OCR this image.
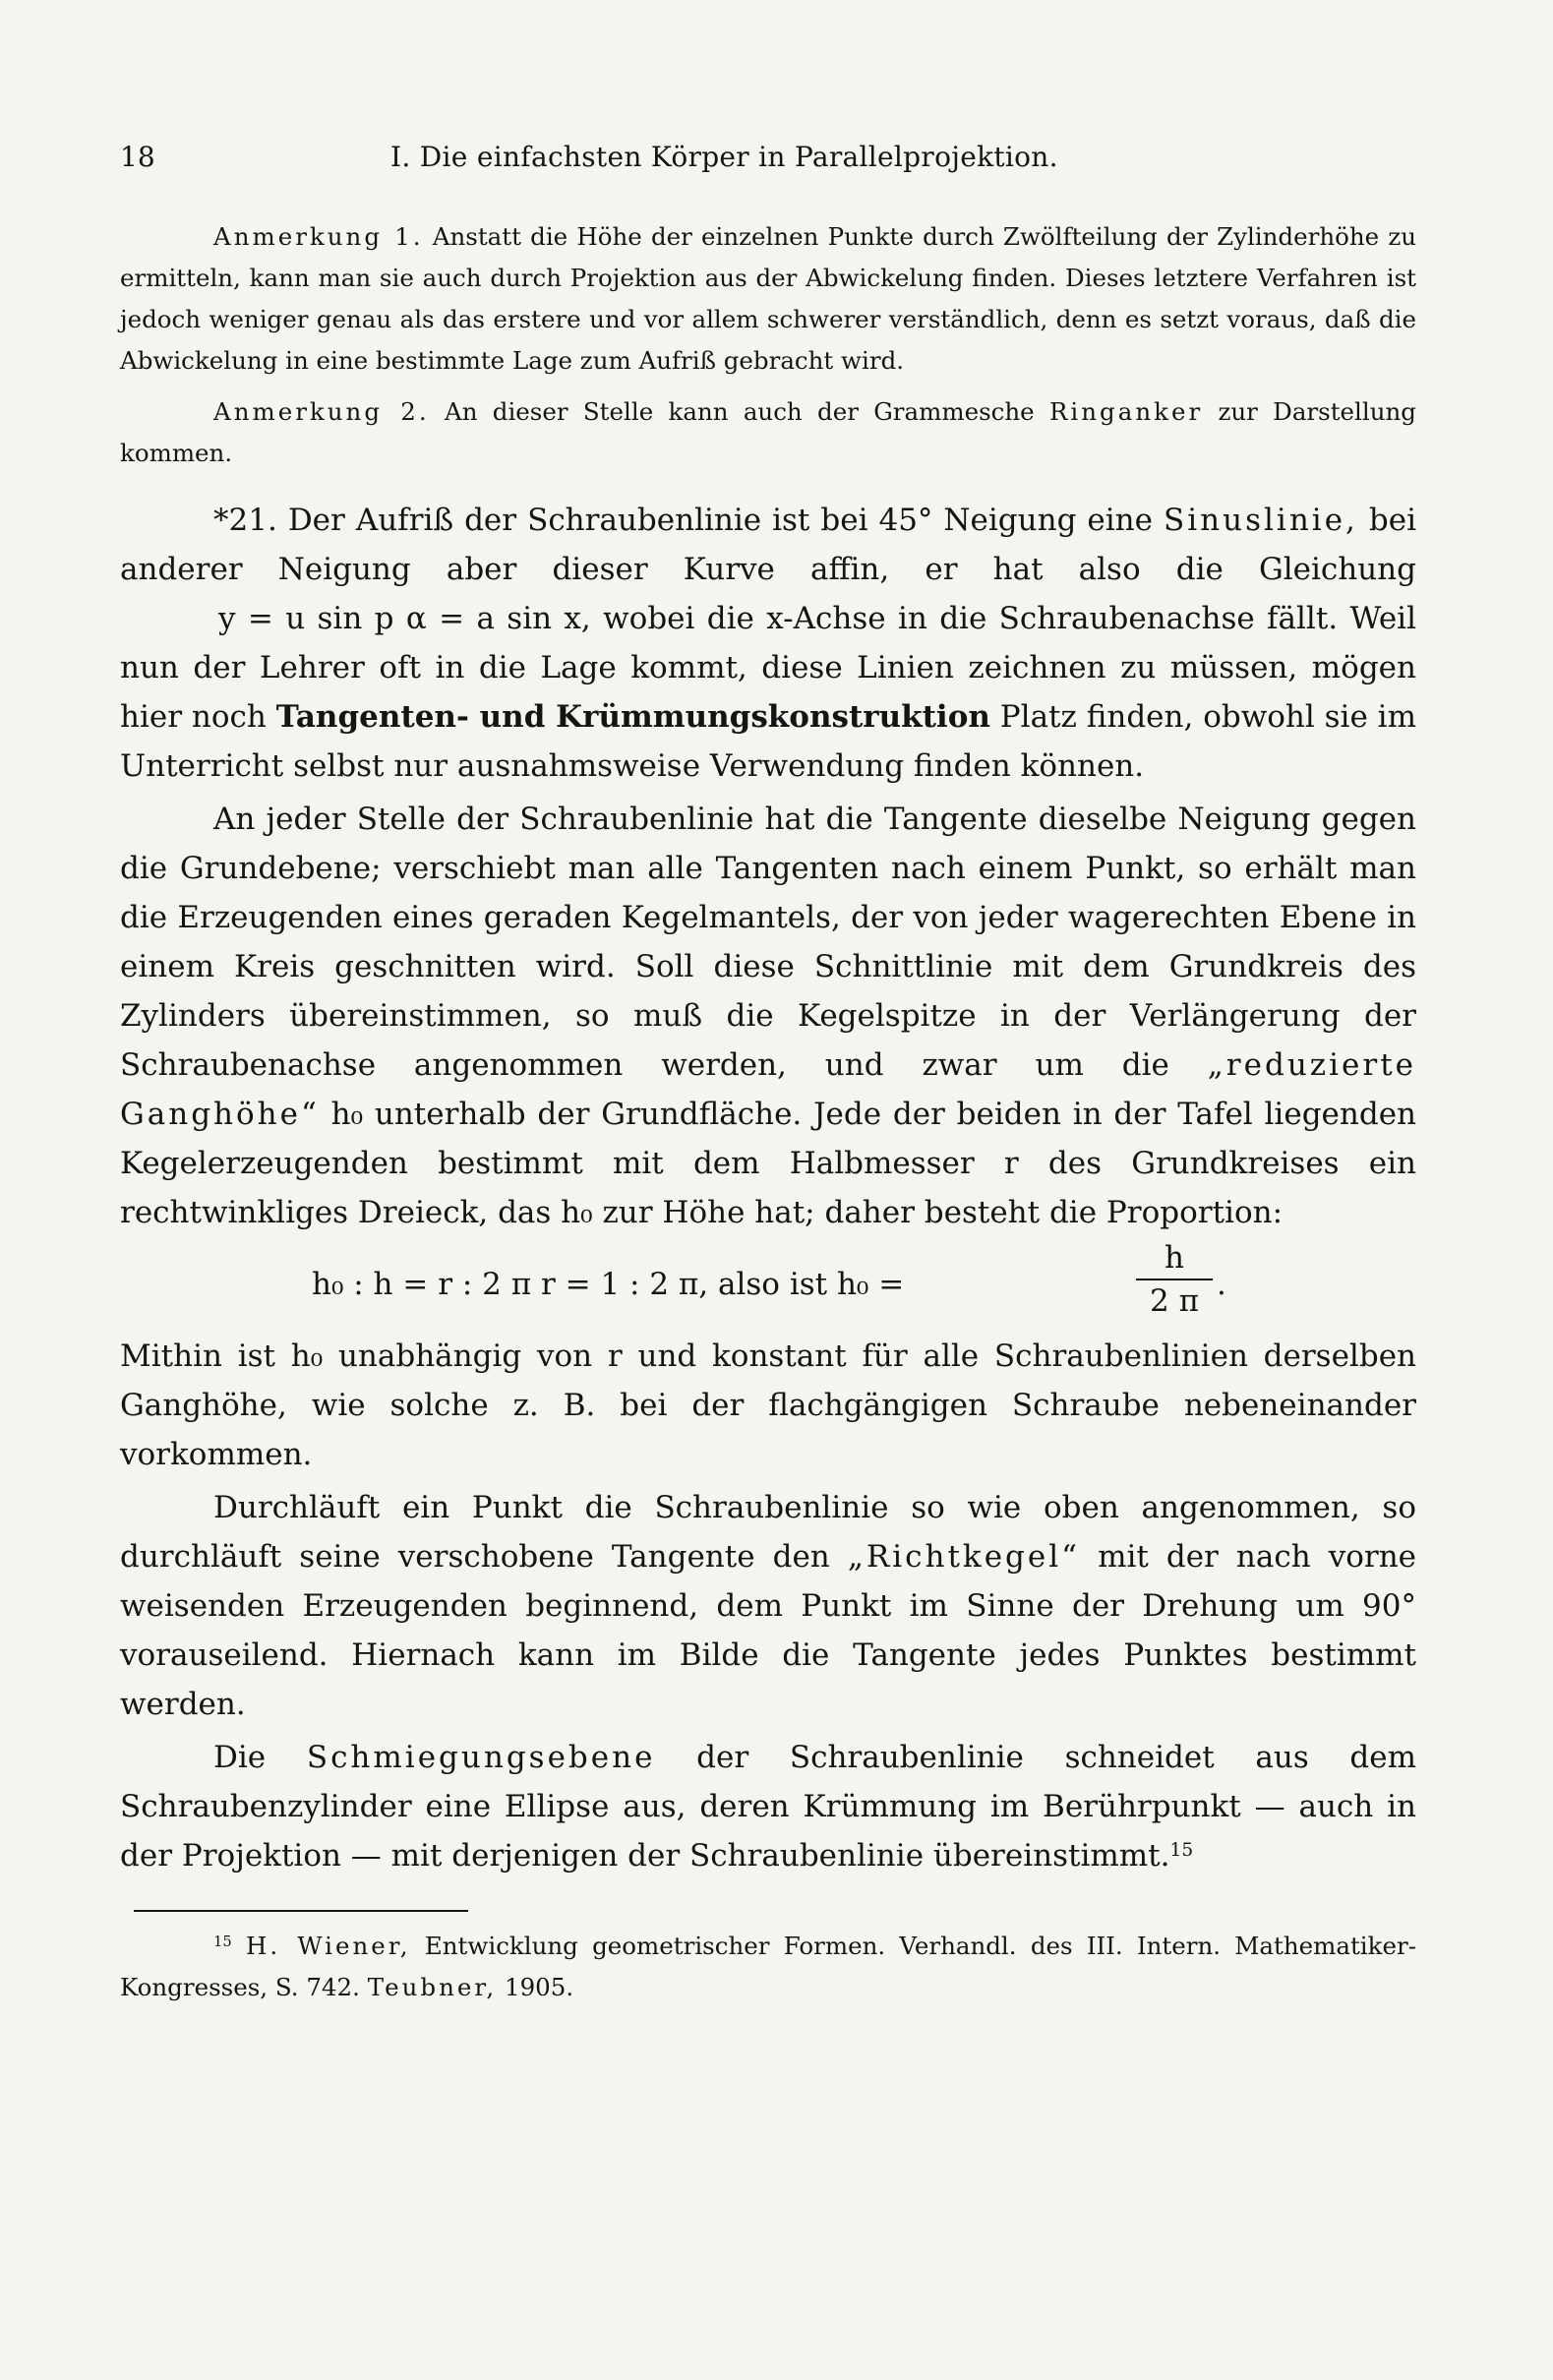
18	I. Die einfachsten Körper in Parallelprojektion.

Anmerkung 1. Anstatt die Höhe der einzelnen Punkte durch Zwölfteilung der Zylinderhöhe zu ermitteln, kann man sie auch durch Projektion aus der Abwickelung finden. Dieses letztere Verfahren ist jedoch weniger genau als das erstere und vor allem schwerer verständlich, denn es setzt voraus, daß die Abwickelung in eine bestimmte Lage zum Aufriß gebracht wird.

Anmerkung 2. An dieser Stelle kann auch der Grammesche Ringanker zur Darstellung kommen.

*21. Der Aufriß der Schraubenlinie ist bei 45° Neigung eine Sinuslinie, bei anderer Neigung aber dieser Kurve affin, er hat also die Gleichung y = u sin p α = a sin x, wobei die x-Achse in die Schraubenachse fällt. Weil nun der Lehrer oft in die Lage kommt, diese Linien zeichnen zu müssen, mögen hier noch Tangenten- und Krümmungskonstruktion Platz finden, obwohl sie im Unterricht selbst nur ausnahmsweise Verwendung finden können.

An jeder Stelle der Schraubenlinie hat die Tangente dieselbe Neigung gegen die Grundebene; verschiebt man alle Tangenten nach einem Punkt, so erhält man die Erzeugenden eines geraden Kegelmantels, der von jeder wagerechten Ebene in einem Kreis geschnitten wird. Soll diese Schnittlinie mit dem Grundkreis des Zylinders übereinstimmen, so muß die Kegelspitze in der Verlängerung der Schraubenachse angenommen werden, und zwar um die „reduzierte Ganghöhe“ h₀ unterhalb der Grundfläche. Jede der beiden in der Tafel liegenden Kegelerzeugenden bestimmt mit dem Halbmesser r des Grundkreises ein rechtwinkliges Dreieck, das h₀ zur Höhe hat; daher besteht die Proportion:

h₀ : h = r : 2 π r = 1 : 2 π, also ist h₀ =	$\frac{h}{2 \pi}$ .

Mithin ist h₀ unabhängig von r und konstant für alle Schraubenlinien derselben Ganghöhe, wie solche z. B. bei der flachgängigen Schraube nebeneinander vorkommen.

Durchläuft ein Punkt die Schraubenlinie so wie oben angenommen, so durchläuft seine verschobene Tangente den „Richtkegel“ mit der nach vorne weisenden Erzeugenden beginnend, dem Punkt im Sinne der Drehung um 90° vorauseilend. Hiernach kann im Bilde die Tangente jedes Punktes bestimmt werden.

Die Schmiegungsebene der Schraubenlinie schneidet aus dem Schraubenzylinder eine Ellipse aus, deren Krümmung im Berührpunkt — auch in der Projektion — mit derjenigen der Schraubenlinie übereinstimmt.$^{15}$

$^{15}$ H. Wiener, Entwicklung geometrischer Formen. Verhandl. des III. Intern. Mathematiker-Kongresses, S. 742. Teubner, 1905.
